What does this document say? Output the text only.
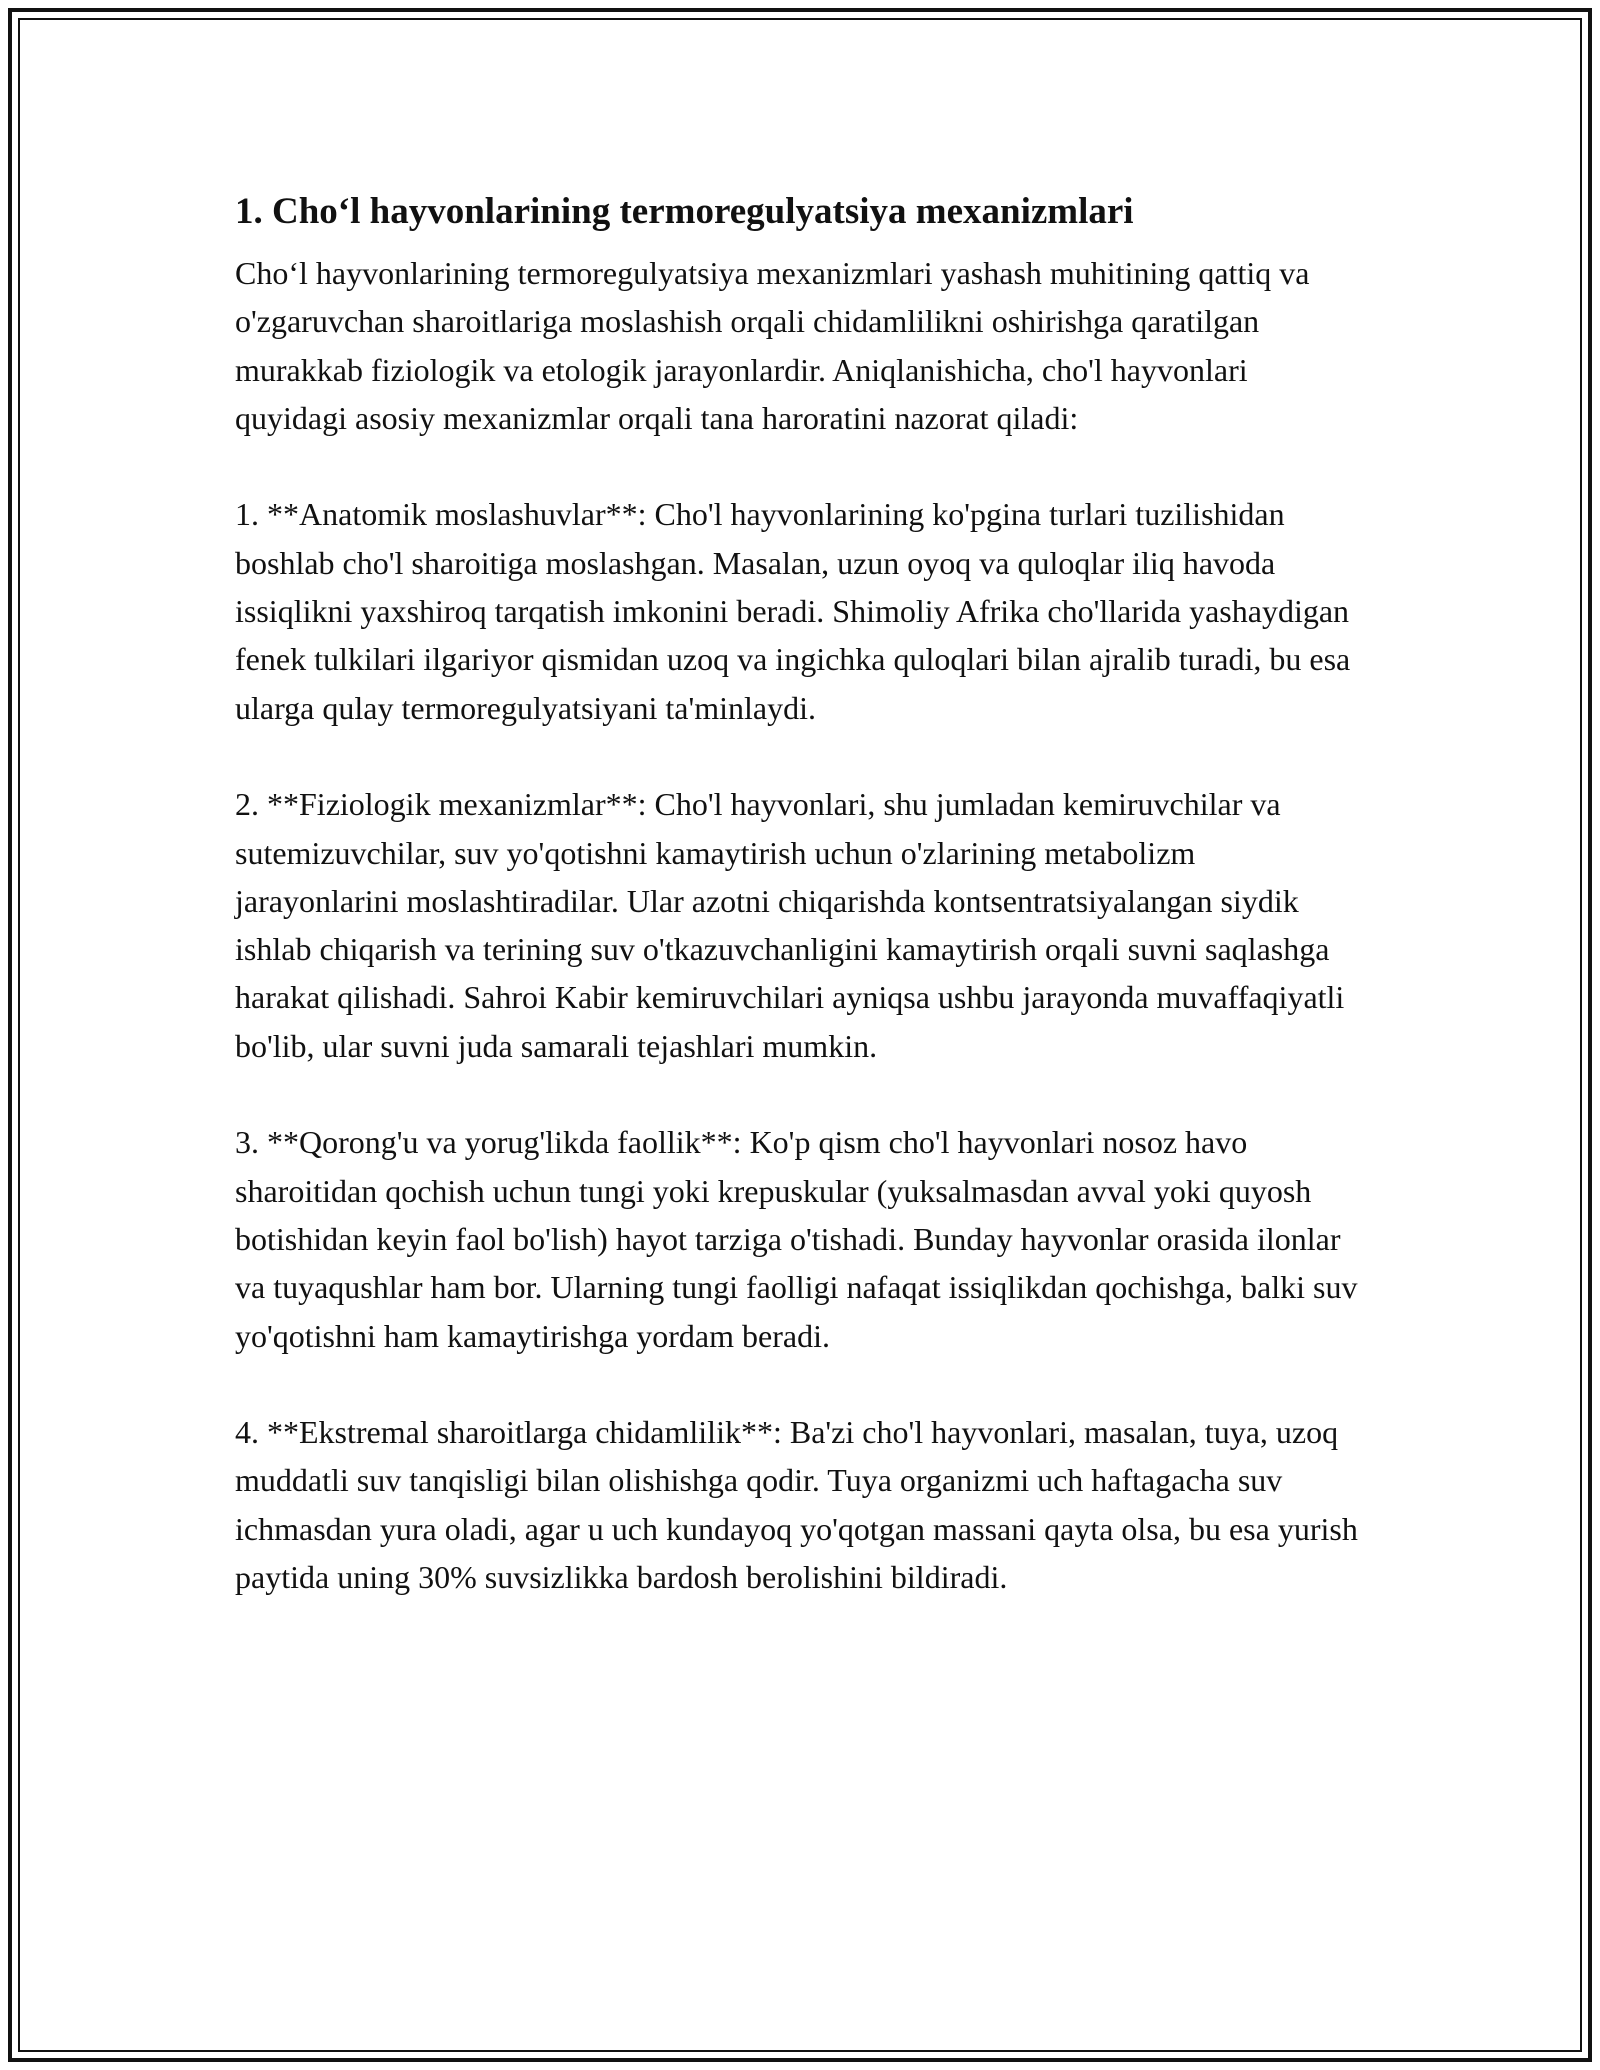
1. Cho‘l hayvonlarining termoregulyatsiya mexanizmlari

Cho‘l hayvonlarining termoregulyatsiya mexanizmlari yashash muhitining qattiq va o'zgaruvchan sharoitlariga moslashish orqali chidamlilikni oshirishga qaratilgan murakkab fiziologik va etologik jarayonlardir. Aniqlanishicha, cho'l hayvonlari quyidagi asosiy mexanizmlar orqali tana haroratini nazorat qiladi:

1. **Anatomik moslashuvlar**: Cho'l hayvonlarining ko'pgina turlari tuzilishidan boshlab cho'l sharoitiga moslashgan. Masalan, uzun oyoq va quloqlar iliq havoda issiqlikni yaxshiroq tarqatish imkonini beradi. Shimoliy Afrika cho'llarida yashaydigan fenek tulkilari ilgariyor qismidan uzoq va ingichka quloqlari bilan ajralib turadi, bu esa ularga qulay termoregulyatsiyani ta'minlaydi.

2. **Fiziologik mexanizmlar**: Cho'l hayvonlari, shu jumladan kemiruvchilar va sutemizuvchilar, suv yo'qotishni kamaytirish uchun o'zlarining metabolizm jarayonlarini moslashtiradilar. Ular azotni chiqarishda kontsentratsiyalangan siydik ishlab chiqarish va terining suv o'tkazuvchanligini kamaytirish orqali suvni saqlashga harakat qilishadi. Sahroi Kabir kemiruvchilari ayniqsa ushbu jarayonda muvaffaqiyatli bo'lib, ular suvni juda samarali tejashlari mumkin.

3. **Qorong'u va yorug'likda faollik**: Ko'p qism cho'l hayvonlari nosoz havo sharoitidan qochish uchun tungi yoki krepuskular (yuksalmasdan avval yoki quyosh botishidan keyin faol bo'lish) hayot tarziga o'tishadi. Bunday hayvonlar orasida ilonlar va tuyaqushlar ham bor. Ularning tungi faolligi nafaqat issiqlikdan qochishga, balki suv yo'qotishni ham kamaytirishga yordam beradi.

4. **Ekstremal sharoitlarga chidamlilik**: Ba'zi cho'l hayvonlari, masalan, tuya, uzoq muddatli suv tanqisligi bilan olishishga qodir. Tuya organizmi uch haftagacha suv ichmasdan yura oladi, agar u uch kundayoq yo'qotgan massani qayta olsa, bu esa yurish paytida uning 30% suvsizlikka bardosh berolishini bildiradi.
